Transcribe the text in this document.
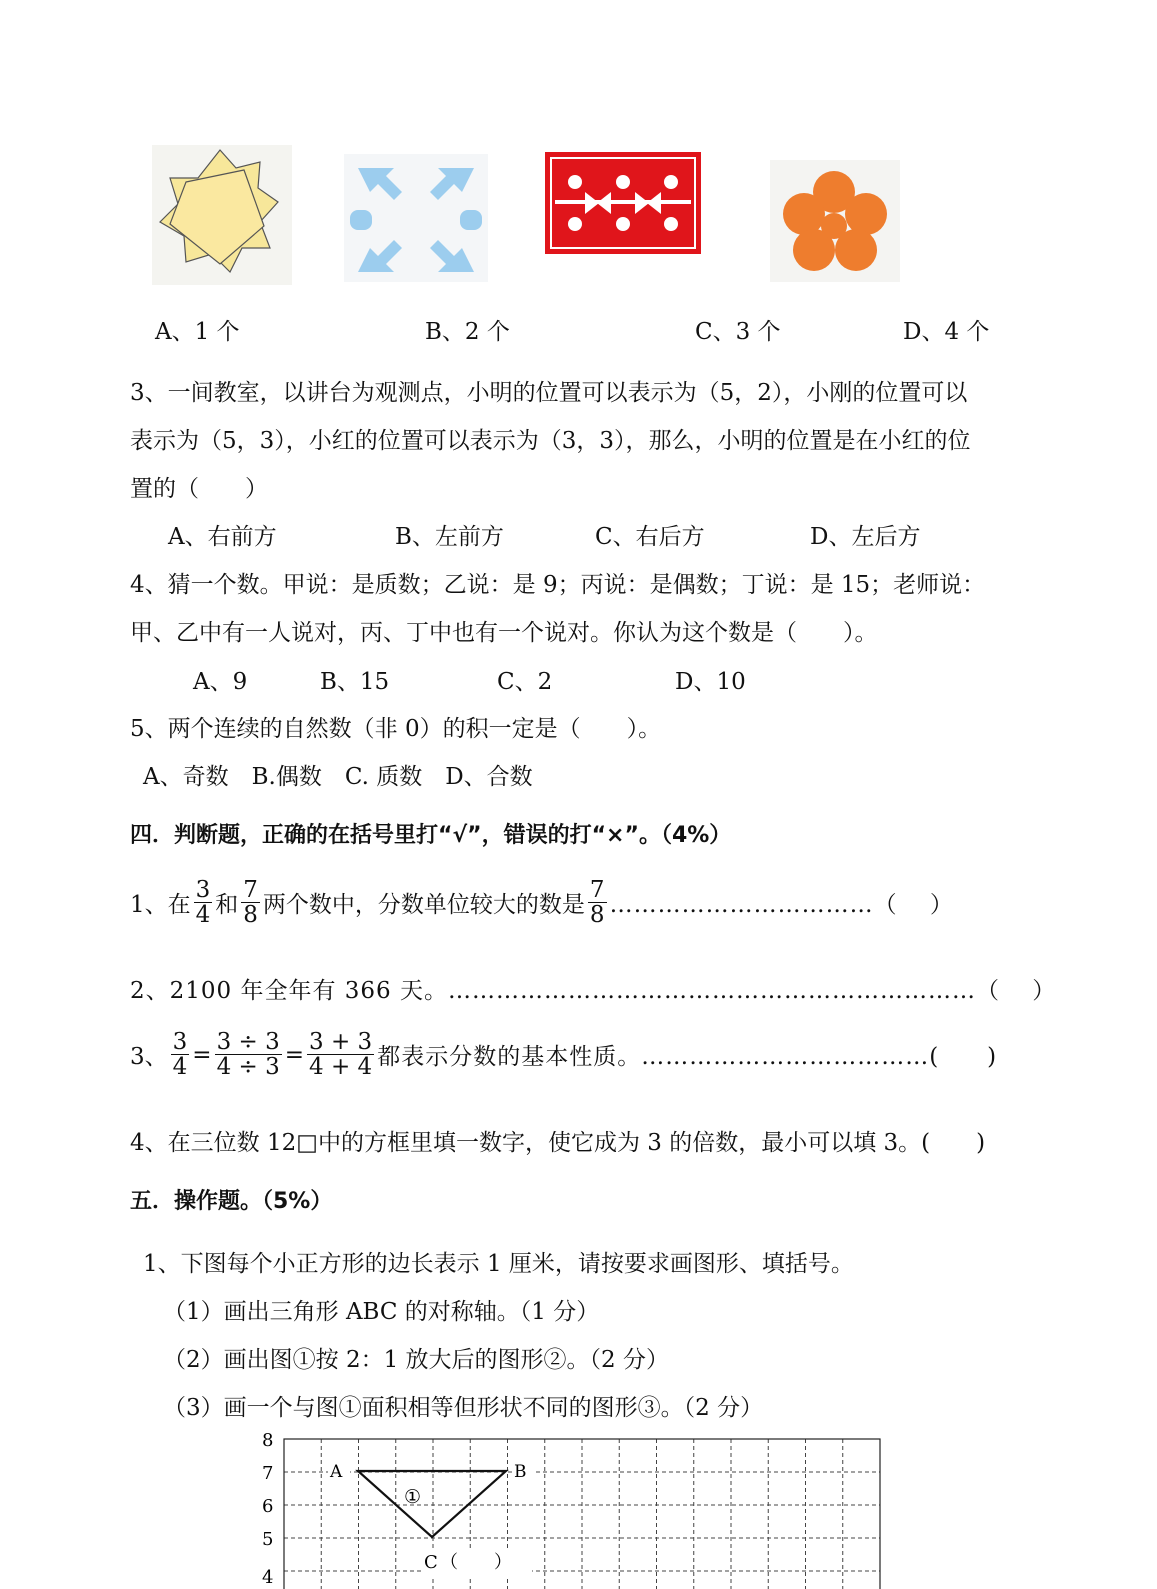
A、1 个	B、2 个	C、3 个	D、4 个
3、一间教室，以讲台为观测点，小明的位置可以表示为（5，2），小刚的位置可以
表示为（5，3），小红的位置可以表示为（3，3），那么，小明的位置是在小红的位
置的（　　）
A、右前方	B、左前方	C、右后方	D、左后方
4、猜一个数。甲说：是质数；乙说：是 9；丙说：是偶数；丁说：是 15；老师说：
甲、乙中有一人说对，丙、丁中也有一个说对。你认为这个数是（　　）。
A、9	B、15	C、2	D、10
5、两个连续的自然数（非 0）的积一定是（　　）。
A、奇数　B.偶数　C. 质数　D、合数
四．判断题，正确的在括号里打“√”，错误的打“×”。（4%）
1、在 $\frac{3}{4}$ 和 $\frac{7}{8}$ 两个数中，分数单位较大的数是 $\frac{7}{8}$ ……………………………（　 ）
2、2100 年全年有 366 天。…………………………………………………………（　 ）
3、 $\frac{3}{4} = \frac{3 \div 3}{4 \div 3} = \frac{3 + 3}{4 + 4}$ 都表示分数的基本性质。………………………………(　　)
4、在三位数 12□中的方框里填一数字，使它成为 3 的倍数，最小可以填 3。(　　)
五．操作题。（5%）
1、下图每个小正方形的边长表示 1 厘米，请按要求画图形、填括号。
（1）画出三角形 ABC 的对称轴。（1 分）
（2）画出图①按 2：1 放大后的图形②。（2 分）
（3）画一个与图①面积相等但形状不同的图形③。（2 分）
8
7
6
5
4
A	B
①
C （　　）
